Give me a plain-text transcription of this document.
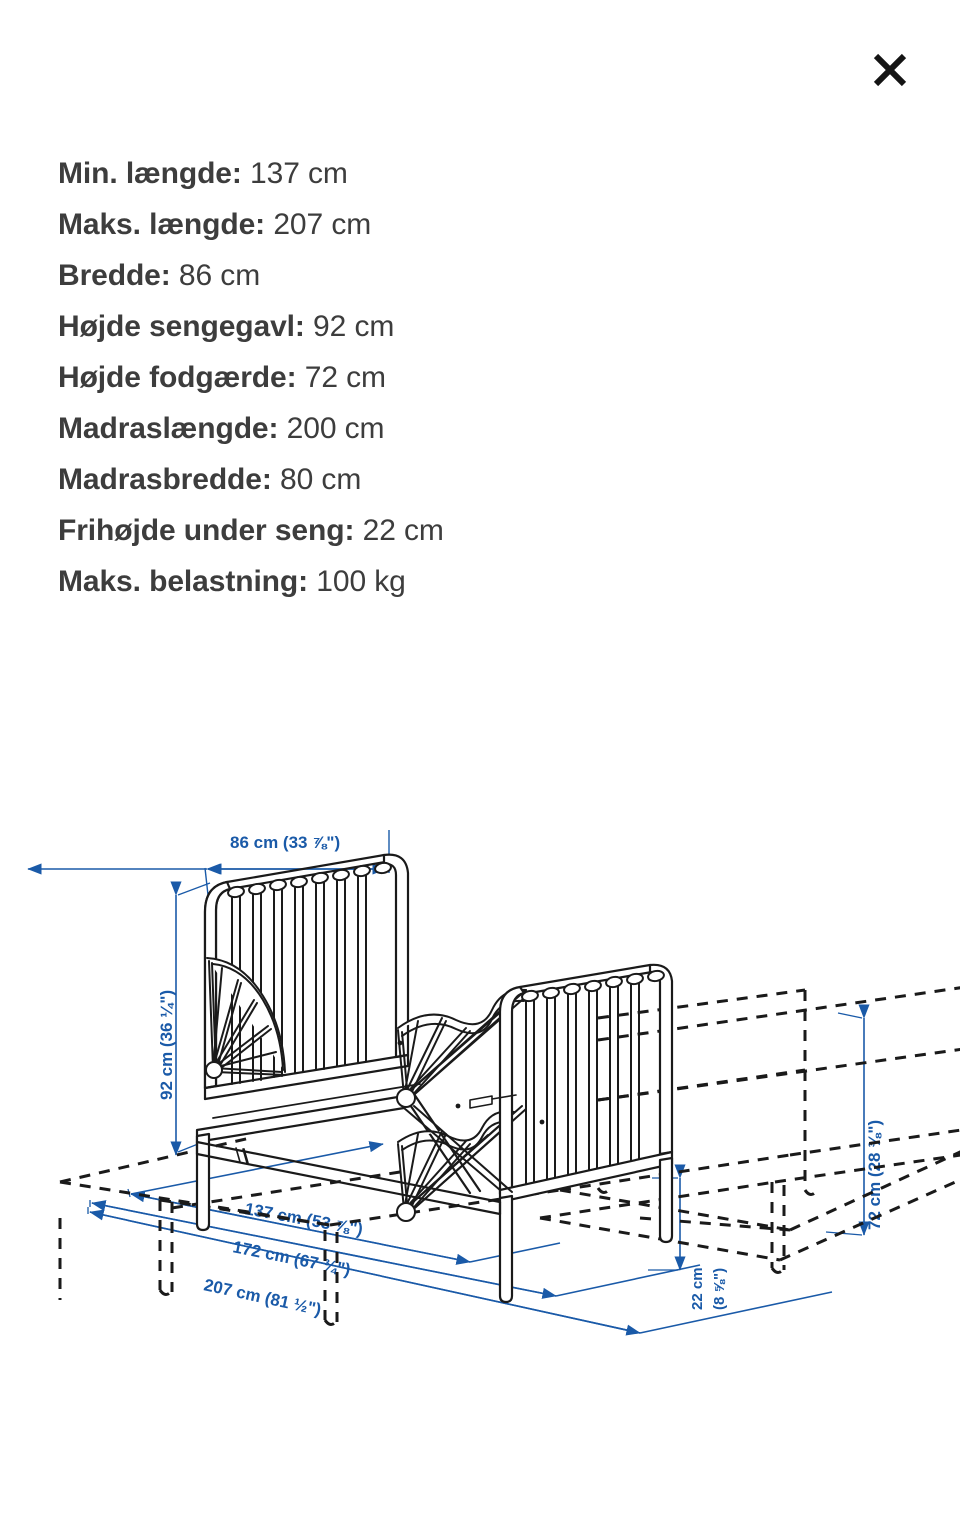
Min. længde: 137 cm
Maks. længde: 207 cm
Bredde: 86 cm
Højde sengegavl: 92 cm
Højde fodgærde: 72 cm
Madraslængde: 200 cm
Madrasbredde: 80 cm
Frihøjde under seng: 22 cm
Maks. belastning: 100 kg
86 cm (33 ⅞")
92 cm (36 ¼")
72 cm (28 ⅜")
22 cm (8 ⅝")
137 cm (53 ⅞")
172 cm (67 ¾")
207 cm (81 ½")
